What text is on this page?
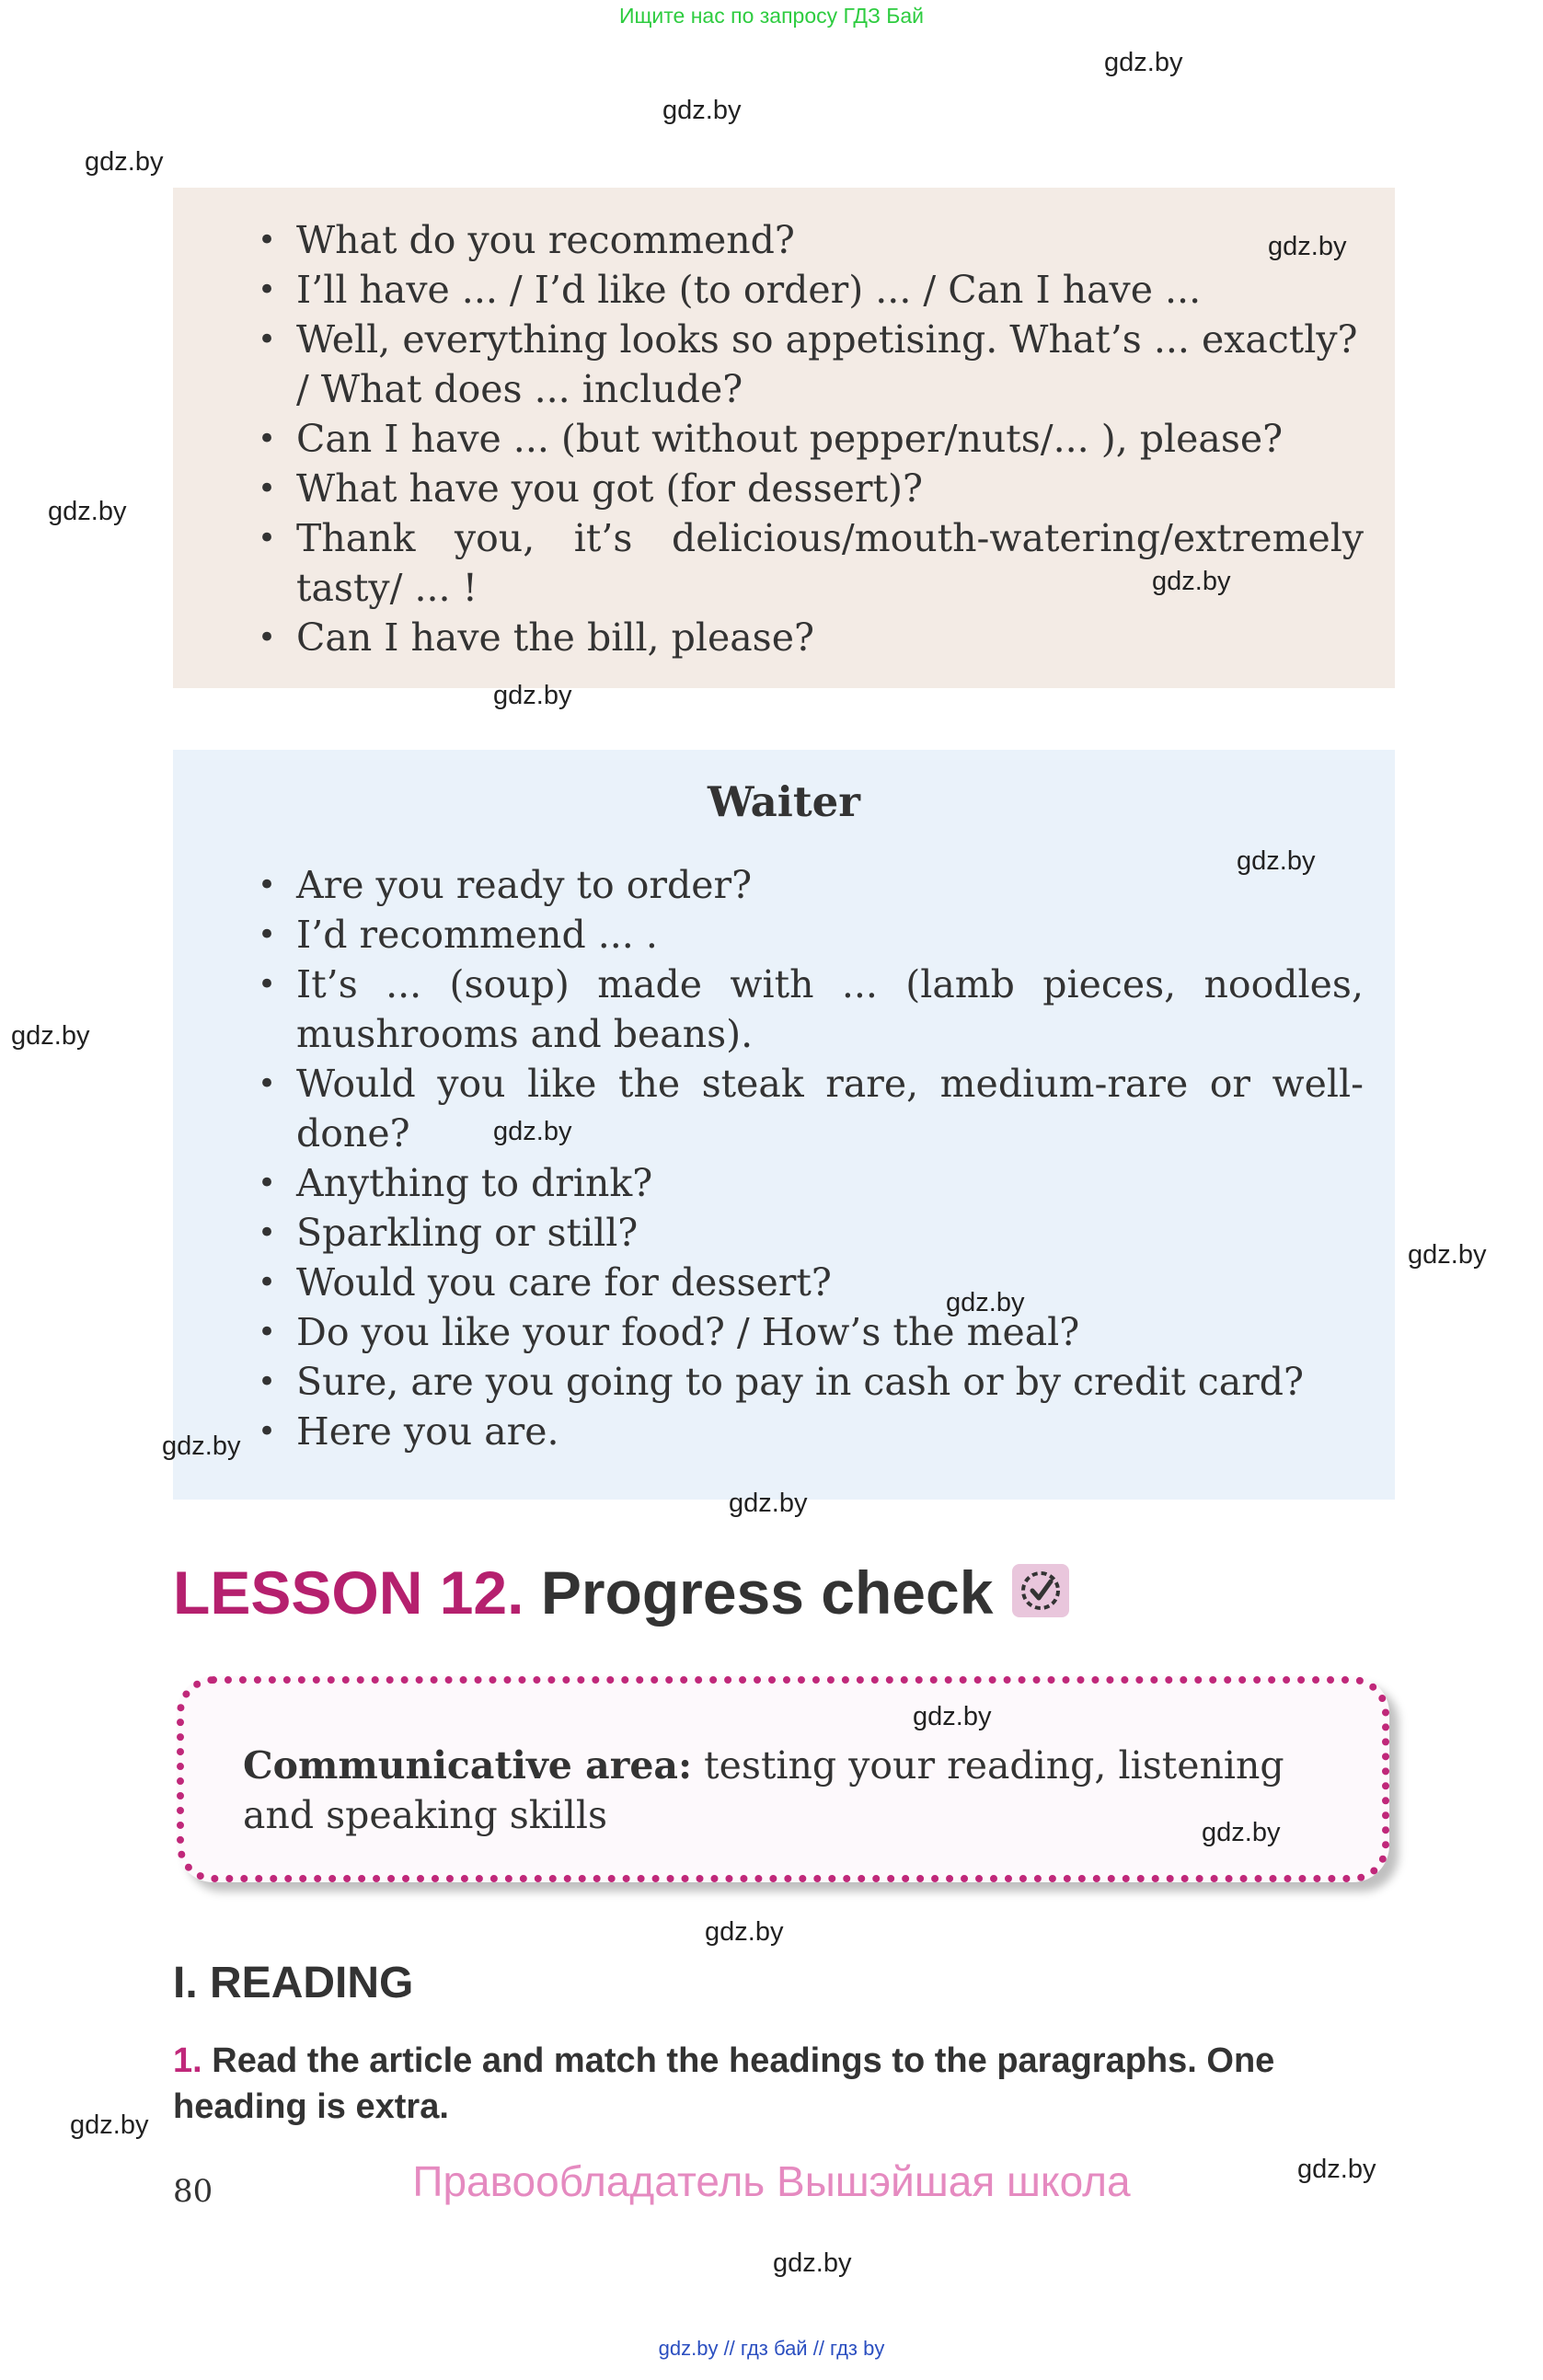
Ищите нас по запросу ГДЗ Бай
• What do you recommend?
• I’ll have ... / I’d like (to order) ... / Can I have ...
• Well, everything looks so appetising. What’s ... exactly? / What does ... include?
• Can I have ... (but without pepper/nuts/... ), please?
• What have you got (for dessert)?
• Thank you, it’s delicious/mouth-watering/extremely tasty/ ... !
• Can I have the bill, please?
Waiter
• Are you ready to order?
• I’d recommend ... .
• It’s ... (soup) made with ... (lamb pieces, noodles, mushrooms and beans).
• Would you like the steak rare, medium-rare or well-done?
• Anything to drink?
• Sparkling or still?
• Would you care for dessert?
• Do you like your food? / How’s the meal?
• Sure, are you going to pay in cash or by credit card?
• Here you are.
LESSON 12. Progress check
Communicative area: testing your reading, listening and speaking skills
I. READING
1. Read the article and match the headings to the paragraphs. One heading is extra.
80	Правообладатель Вышэйшая школа
gdz.by // гдз бай // гдз by
gdz.by
gdz.by
gdz.by
gdz.by
gdz.by
gdz.by
gdz.by
gdz.by
gdz.by
gdz.by
gdz.by
gdz.by
gdz.by
gdz.by
gdz.by
gdz.by
gdz.by
gdz.by
gdz.by
gdz.by
